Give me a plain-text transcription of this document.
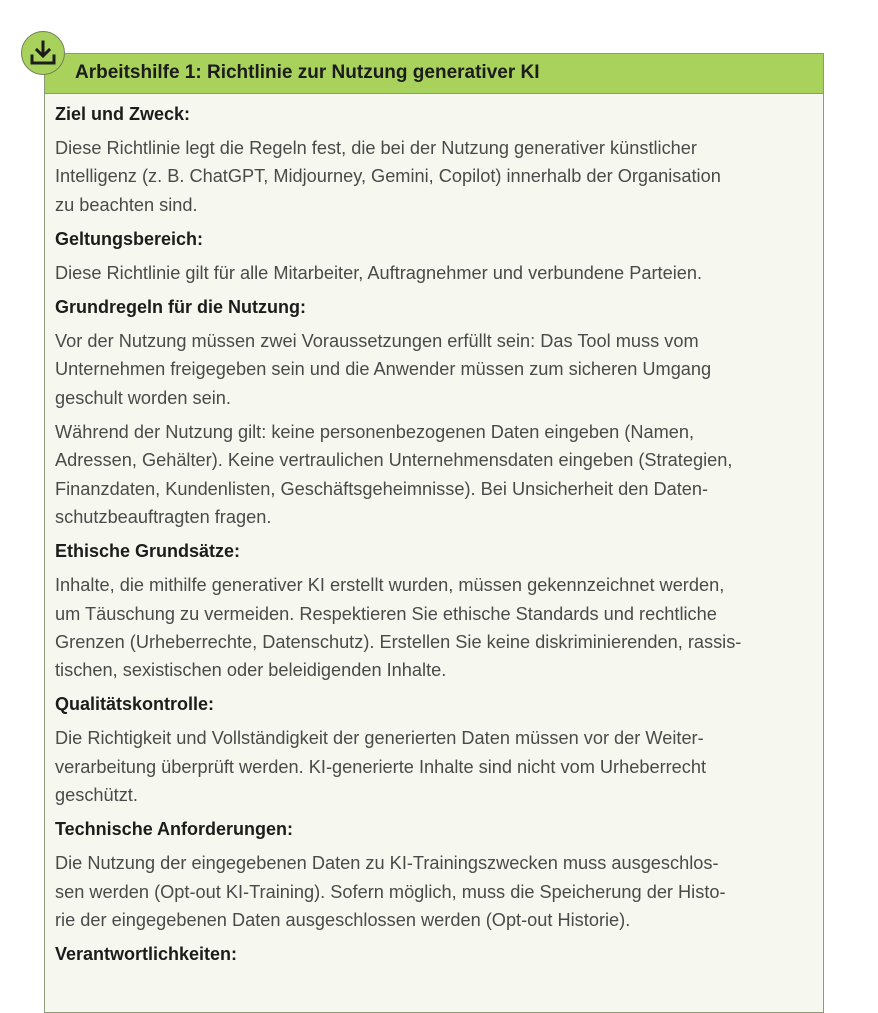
Arbeitshilfe 1: Richtlinie zur Nutzung generativer KI
Ziel und Zweck:
Diese Richtlinie legt die Regeln fest, die bei der Nutzung generativer künstlicher
Intelligenz (z. B. ChatGPT, Midjourney, Gemini, Copilot) innerhalb der Organisation
zu beachten sind.
Geltungsbereich:
Diese Richtlinie gilt für alle Mitarbeiter, Auftragnehmer und verbundene Parteien.
Grundregeln für die Nutzung:
Vor der Nutzung müssen zwei Voraussetzungen erfüllt sein: Das Tool muss vom
Unternehmen freigegeben sein und die Anwender müssen zum sicheren Umgang
geschult worden sein.
Während der Nutzung gilt: keine personenbezogenen Daten eingeben (Namen,
Adressen, Gehälter). Keine vertraulichen Unternehmensdaten eingeben (Strategien,
Finanzdaten, Kundenlisten, Geschäftsgeheimnisse). Bei Unsicherheit den Daten-
schutzbeauftragten fragen.
Ethische Grundsätze:
Inhalte, die mithilfe generativer KI erstellt wurden, müssen gekennzeichnet werden,
um Täuschung zu vermeiden. Respektieren Sie ethische Standards und rechtliche
Grenzen (Urheberrechte, Datenschutz). Erstellen Sie keine diskriminierenden, rassis-
tischen, sexistischen oder beleidigenden Inhalte.
Qualitätskontrolle:
Die Richtigkeit und Vollständigkeit der generierten Daten müssen vor der Weiter-
verarbeitung überprüft werden. KI-generierte Inhalte sind nicht vom Urheberrecht
geschützt.
Technische Anforderungen:
Die Nutzung der eingegebenen Daten zu KI-Trainingszwecken muss ausgeschlos-
sen werden (Opt-out KI-Training). Sofern möglich, muss die Speicherung der Histo-
rie der eingegebenen Daten ausgeschlossen werden (Opt-out Historie).
Verantwortlichkeiten:
